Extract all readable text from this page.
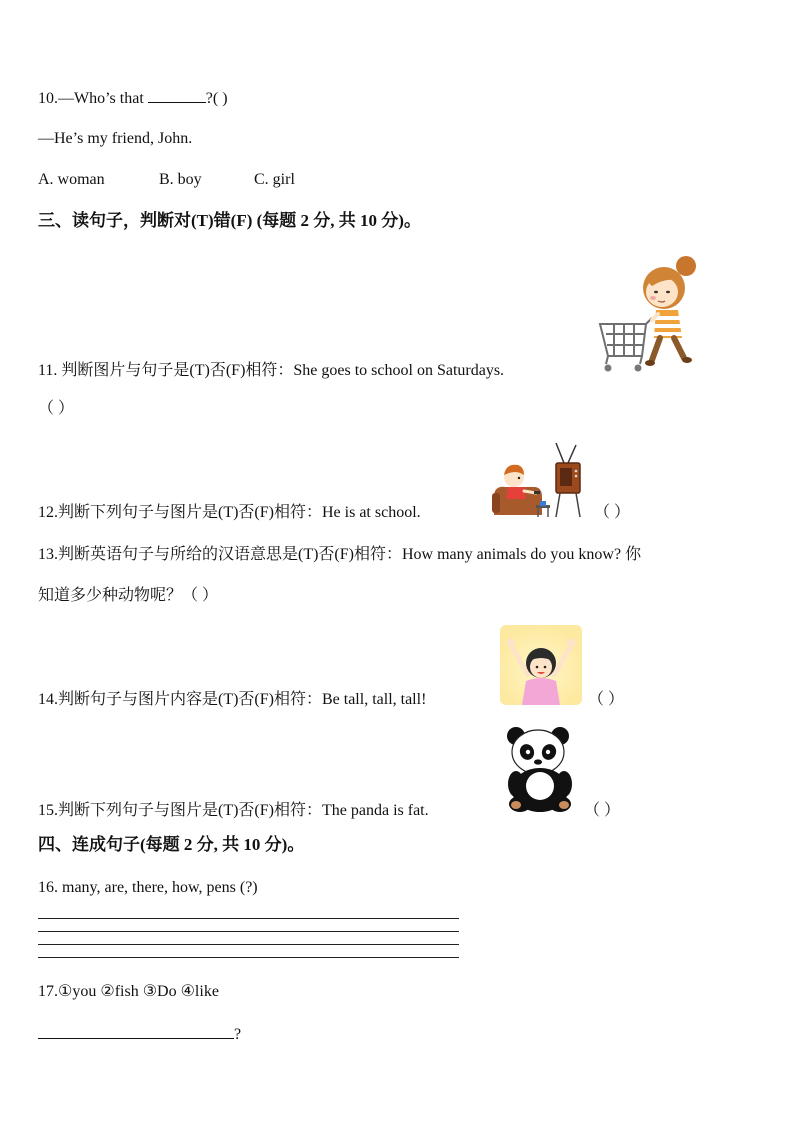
10.—Who’s that	?( )
—He’s my friend, John.
A. woman	B. boy	C. girl
三、读句子，判断对(T)错(F) (每题 2 分, 共 10 分)。
11. 判断图片与句子是(T)否(F)相符：She goes to school on Saturdays.
（ ）
12.判断下列句子与图片是(T)否(F)相符：He is at school.	（ ）
13.判断英语句子与所给的汉语意思是(T)否(F)相符：How many animals do you know? 你
知道多少种动物呢？（ ）
14.判断句子与图片内容是(T)否(F)相符：Be tall, tall, tall!	（ ）
15.判断下列句子与图片是(T)否(F)相符：The panda is fat.	（ ）
四、连成句子(每题 2 分, 共 10 分)。
16. many, are, there, how, pens (?)
17.①you ②fish ③Do ④like
?
